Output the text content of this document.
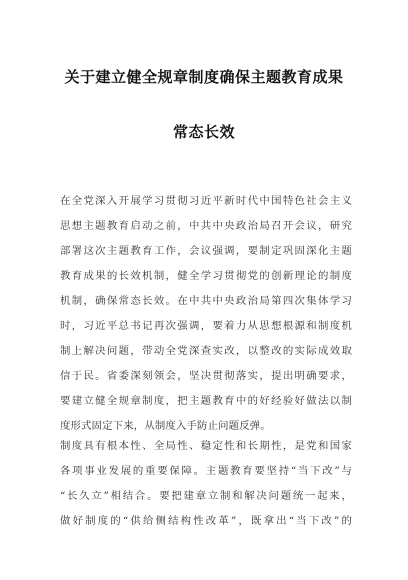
关于建立健全规章制度确保主题教育成果
常态长效
在全党深入开展学习贯彻习近平新时代中国特色社会主义
思想主题教育启动之前，中共中央政治局召开会议，研究
部署这次主题教育工作，会议强调，要制定巩固深化主题
教育成果的长效机制，健全学习贯彻党的创新理论的制度
机制，确保常态长效。在中共中央政治局第四次集体学习
时，习近平总书记再次强调，要着力从思想根源和制度机
制上解决问题，带动全党深查实改，以整改的实际成效取
信于民。省委深刻领会，坚决贯彻落实，提出明确要求，
要建立健全规章制度，把主题教育中的好经验好做法以制
度形式固定下来，从制度入手防止问题反弹。
制度具有根本性、全局性、稳定性和长期性，是党和国家
各项事业发展的重要保障。主题教育要坚持“当下改”与
“长久立”相结合。要把建章立制和解决问题统一起来，
做好制度的“供给侧结构性改革”，既拿出“当下改”的
